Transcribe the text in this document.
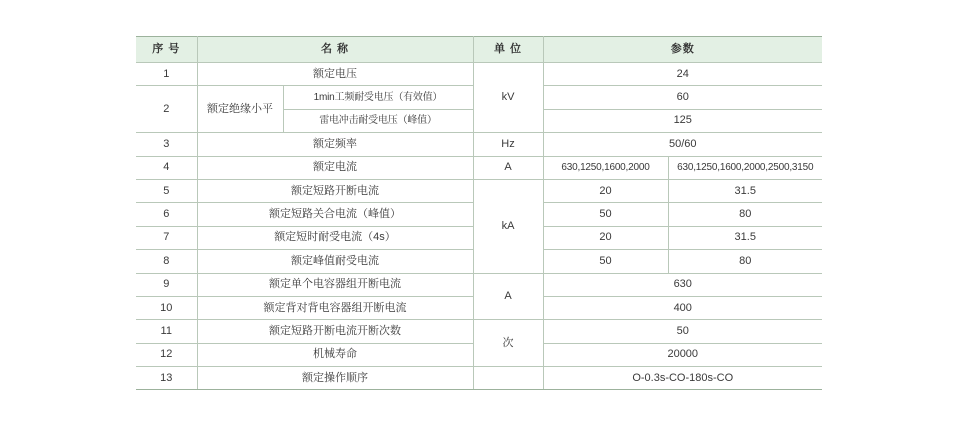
序 号	名 称		单 位	参数	
1	额定电压		kV	24	
2	额定绝缘小平	1min工频耐受电压（有效值）		60	
		雷电冲击耐受电压（峰值）		125	
3	额定频率		Hz	50/60	
4	额定电流		A	630,1250,1600,2000	630,1250,1600,2000,2500,3150
5	额定短路开断电流		kA	20	31.5
6	额定短路关合电流（峰值）			50	80
7	额定短时耐受电流（4s）			20	31.5
8	额定峰值耐受电流			50	80
9	额定单个电容器组开断电流		A	630	
10	额定背对背电容器组开断电流			400	
11	额定短路开断电流开断次数		次	50	
12	机械寿命			20000	
13	额定操作顺序			O-0.3s-CO-180s-CO	
